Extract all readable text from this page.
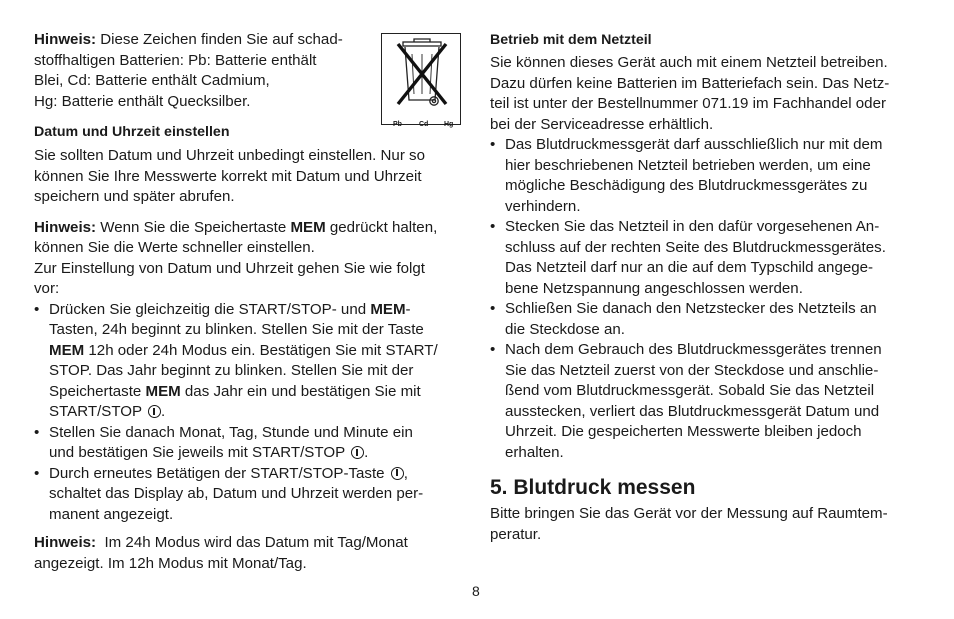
Hinweis: Diese Zeichen finden Sie auf schad-
stoffhaltigen Batterien: Pb: Batterie enthält
Blei, Cd: Batterie enthält Cadmium,
Hg: Batterie enthält Quecksilber.

Datum und Uhrzeit einstellen

Sie sollten Datum und Uhrzeit unbedingt einstellen. Nur so
können Sie Ihre Messwerte korrekt mit Datum und Uhrzeit
speichern und später abrufen.

Hinweis: Wenn Sie die Speichertaste MEM gedrückt halten,
können Sie die Werte schneller einstellen.
Zur Einstellung von Datum und Uhrzeit gehen Sie wie folgt
vor:

• Drücken Sie gleichzeitig die START/STOP- und MEM-
Tasten, 24h beginnt zu blinken. Stellen Sie mit der Taste
MEM 12h oder 24h Modus ein. Bestätigen Sie mit START/
STOP. Das Jahr beginnt zu blinken. Stellen Sie mit der
Speichertaste MEM das Jahr ein und bestätigen Sie mit
START/STOP .
• Stellen Sie danach Monat, Tag, Stunde und Minute ein
und bestätigen Sie jeweils mit START/STOP .
• Durch erneutes Betätigen der START/STOP-Taste ,
schaltet das Display ab, Datum und Uhrzeit werden per-
manent angezeigt.

Hinweis:  Im 24h Modus wird das Datum mit Tag/Monat
angezeigt. Im 12h Modus mit Monat/Tag.

Pb Cd Hg

Betrieb mit dem Netzteil

Sie können dieses Gerät auch mit einem Netzteil betreiben.
Dazu dürfen keine Batterien im Batteriefach sein. Das Netz-
teil ist unter der Bestellnummer 071.19 im Fachhandel oder
bei der Serviceadresse erhältlich.

• Das Blutdruckmessgerät darf ausschließlich nur mit dem
hier beschriebenen Netzteil betrieben werden, um eine
mögliche Beschädigung des Blutdruckmessgerätes zu
verhindern.
• Stecken Sie das Netzteil in den dafür vorgesehenen An-
schluss auf der rechten Seite des Blutdruckmessgerätes.
Das Netzteil darf nur an die auf dem Typschild angege-
bene Netzspannung angeschlossen werden.
• Schließen Sie danach den Netzstecker des Netzteils an
die Steckdose an.
• Nach dem Gebrauch des Blutdruckmessgerätes trennen
Sie das Netzteil zuerst von der Steckdose und anschlie-
ßend vom Blutdruckmessgerät. Sobald Sie das Netzteil
ausstecken, verliert das Blutdruckmessgerät Datum und
Uhrzeit. Die gespeicherten Messwerte bleiben jedoch
erhalten.

5. Blutdruck messen

Bitte bringen Sie das Gerät vor der Messung auf Raumtem-
peratur.

8
